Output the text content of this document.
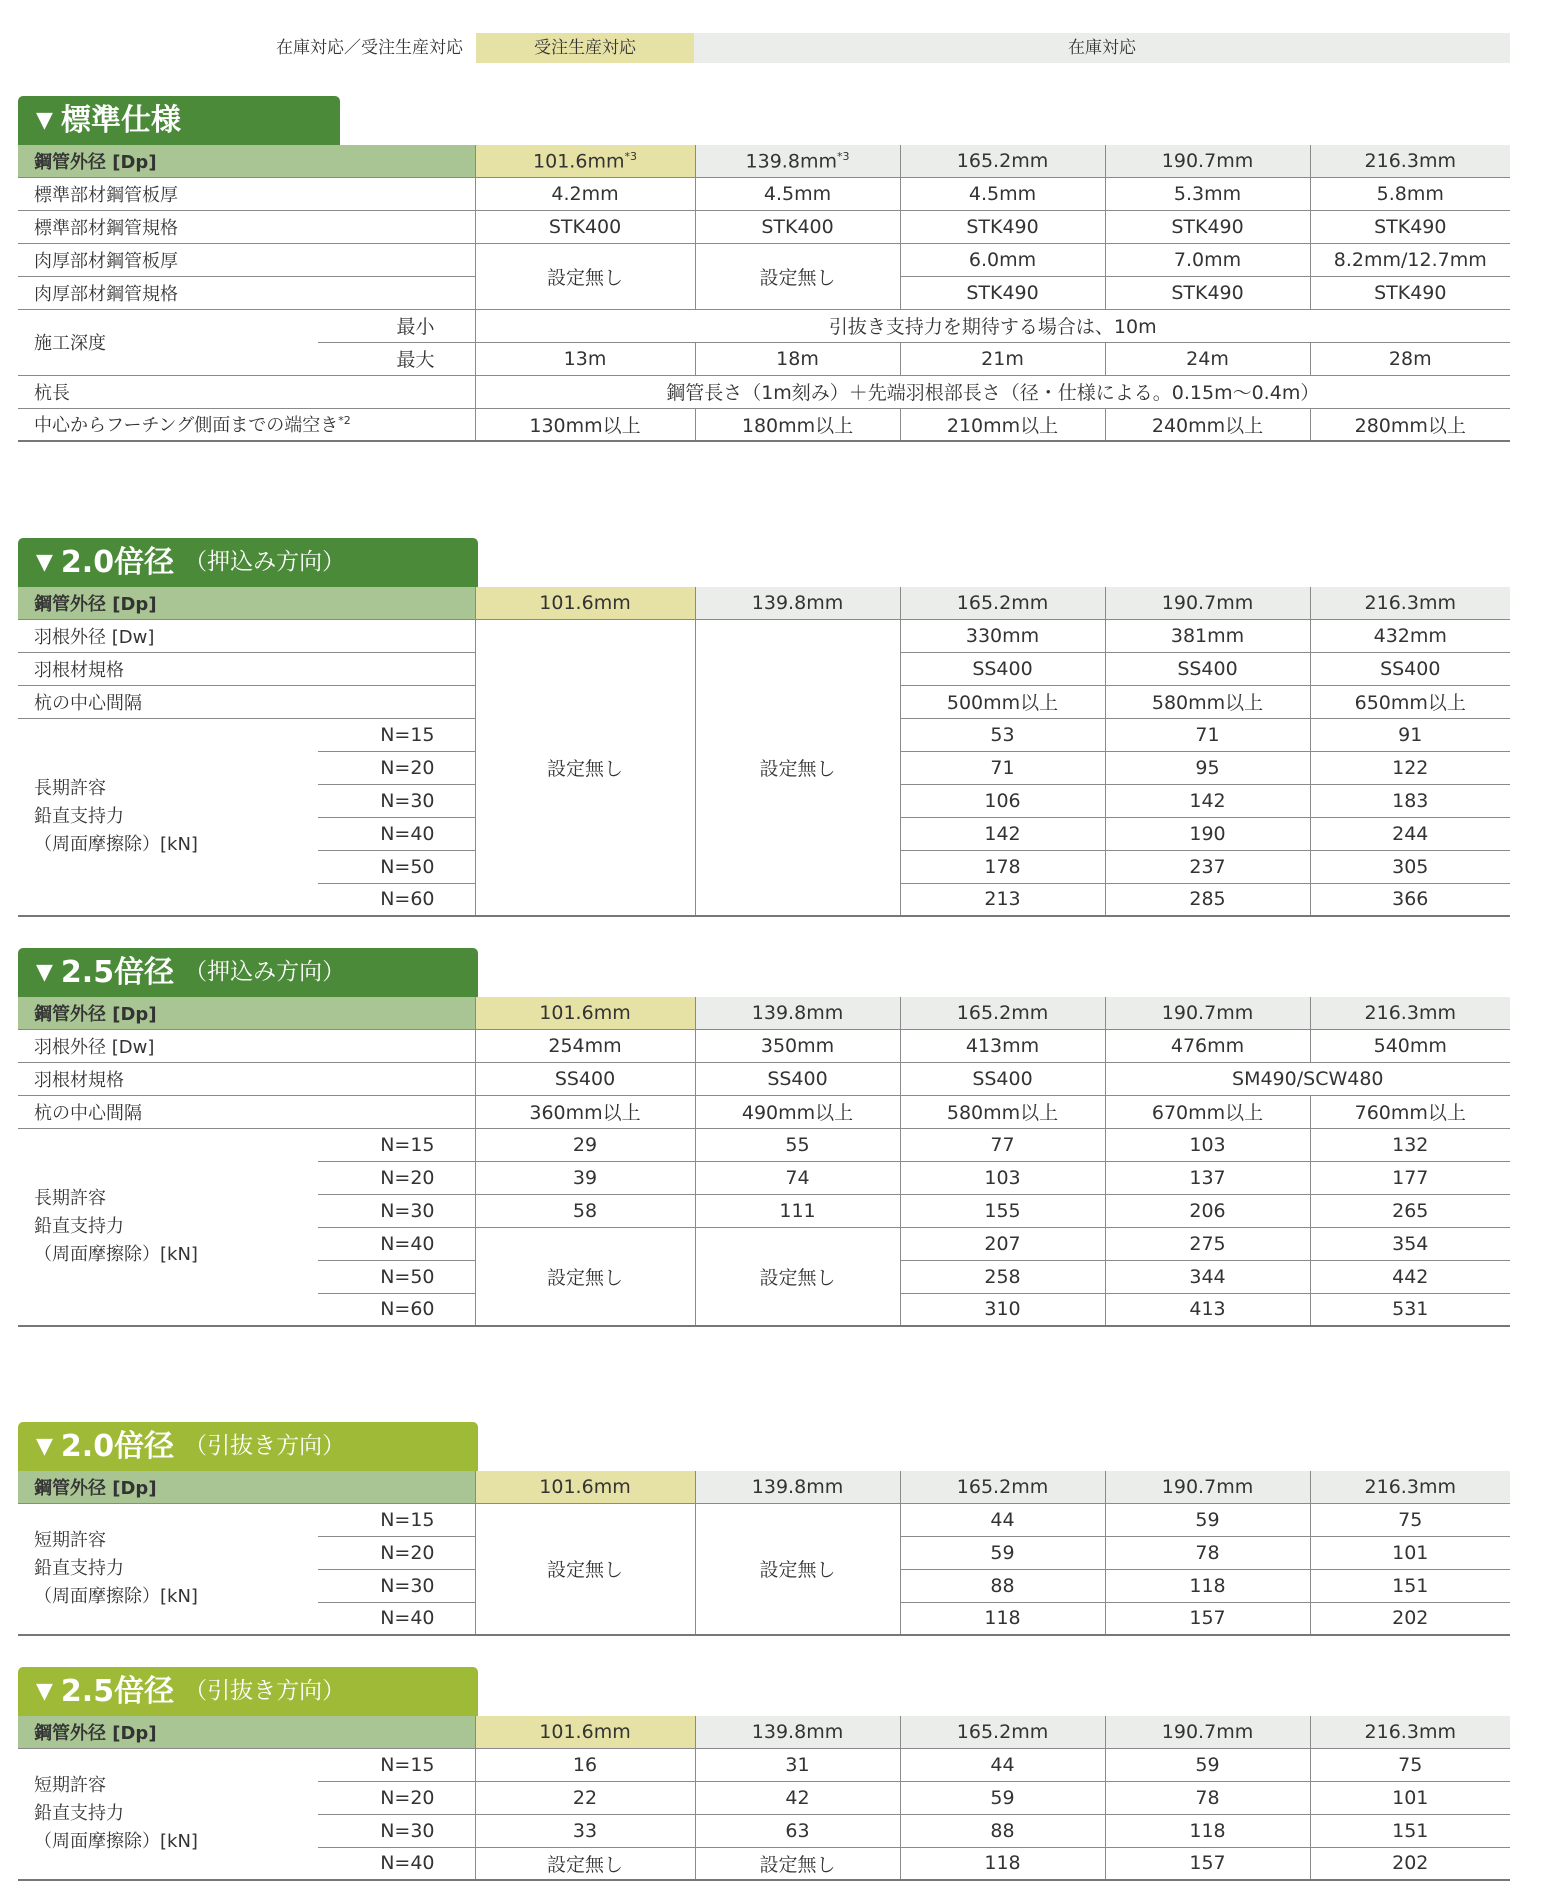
在庫対応／受注生産対応	受注生産対応	在庫対応
▼ 標準仕様
鋼管外径 [Dp]		$101.6mm^{*3}$	$139.8mm^{*3}$	165.2mm	190.7mm	216.3mm
標準部材鋼管板厚		4.2mm	4.5mm	4.5mm	5.3mm	5.8mm
標準部材鋼管規格		STK400	STK400	STK490	STK490	STK490
肉厚部材鋼管板厚		設定無し	設定無し	6.0mm	7.0mm	8.2mm/12.7mm
肉厚部材鋼管規格				STK490	STK490	STK490
施工深度	最小	引抜き支持力を期待する場合は、10m				
	最大	13m	18m	21m	24m	28m
杭長		鋼管長さ（1m刻み）＋先端羽根部長さ（径・仕様による。0.15m～0.4m）				
中心からフーチング側面までの端空き$^{*2}$		130mm以上	180mm以上	210mm以上	240mm以上	280mm以上
▼ 2.0倍径 （押込み方向）
鋼管外径 [Dp]		101.6mm	139.8mm	165.2mm	190.7mm	216.3mm
羽根外径 [Dw]		設定無し	設定無し	330mm	381mm	432mm
羽根材規格				SS400	SS400	SS400
杭の中心間隔				500mm以上	580mm以上	650mm以上

長期許容
鉛直支持力
（周面摩擦除）[kN]	N=15			53	71	91
	N=20			71	95	122
	N=30			106	142	183
	N=40			142	190	244
	N=50			178	237	305
	N=60			213	285	366
▼ 2.5倍径 （押込み方向）
鋼管外径 [Dp]		101.6mm	139.8mm	165.2mm	190.7mm	216.3mm
羽根外径 [Dw]		254mm	350mm	413mm	476mm	540mm
羽根材規格		SS400	SS400	SS400	SM490/SCW480	
杭の中心間隔		360mm以上	490mm以上	580mm以上	670mm以上	760mm以上

長期許容
鉛直支持力
（周面摩擦除）[kN]	N=15	29	55	77	103	132
	N=20	39	74	103	137	177
	N=30	58	111	155	206	265
	N=40	設定無し	設定無し	207	275	354
	N=50			258	344	442
	N=60			310	413	531
▼ 2.0倍径 （引抜き方向）
鋼管外径 [Dp]		101.6mm	139.8mm	165.2mm	190.7mm	216.3mm

短期許容
鉛直支持力
（周面摩擦除）[kN]	N=15	設定無し	設定無し	44	59	75
	N=20			59	78	101
	N=30			88	118	151
	N=40			118	157	202
▼ 2.5倍径 （引抜き方向）
鋼管外径 [Dp]		101.6mm	139.8mm	165.2mm	190.7mm	216.3mm

短期許容
鉛直支持力
（周面摩擦除）[kN]	N=15	16	31	44	59	75
	N=20	22	42	59	78	101
	N=30	33	63	88	118	151
	N=40	設定無し	設定無し	118	157	202
